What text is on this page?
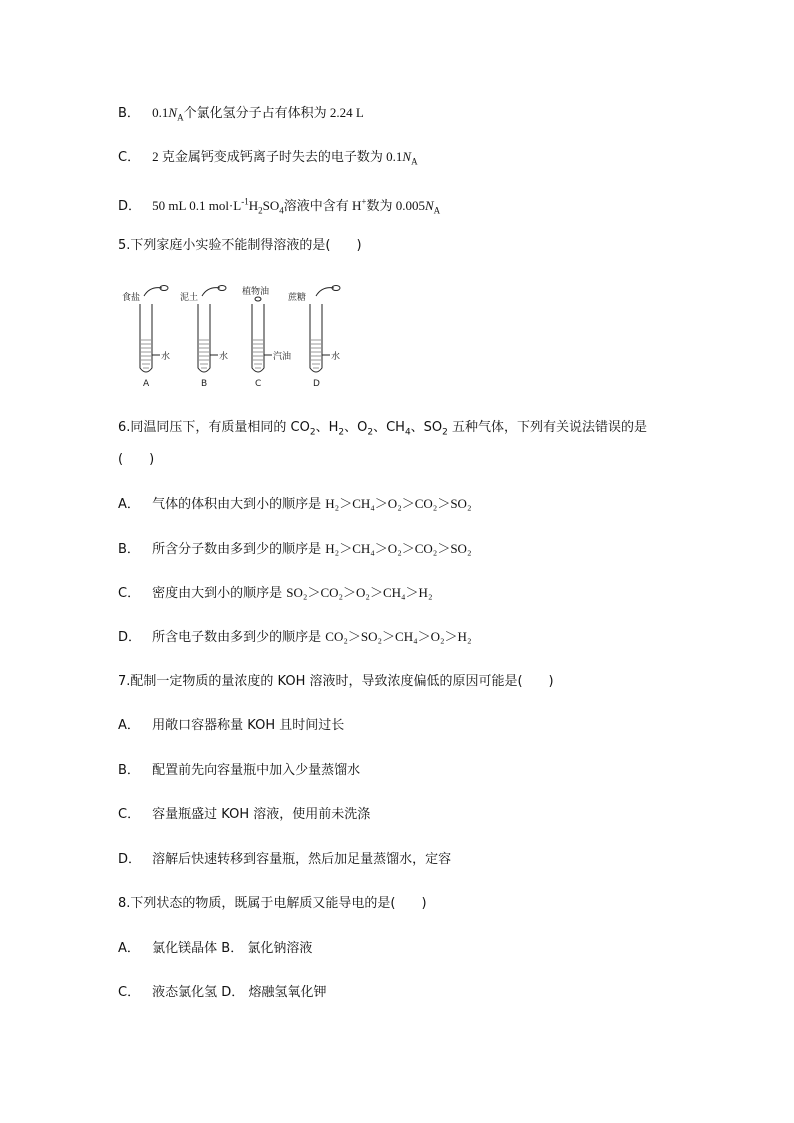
B． $0.1N_A$个氯化氢分子占有体积为 2.24 L
C． 2 克金属钙变成钙离子时失去的电子数为 $0.1N_A$
D． 50 mL 0.1 $mol\cdot L^{-1}H_2SO_4$溶液中含有 H+数为 $0.005N_A$
5.下列家庭小实验不能制得溶液的是(　　)
食盐
水
A
泥土
水
B
植物油
汽油
C
蔗糖
水
D
6.同温同压下，有质量相同的 $CO_2$、$H_2$、$O_2$、$CH_4$、$SO_2$ 五种气体，下列有关说法错误的是
(　　)
A． 气体的体积由大到小的顺序是 H₂＞CH₄＞O₂＞CO₂＞SO₂
B． 所含分子数由多到少的顺序是 H₂＞CH₄＞O₂＞CO₂＞SO₂
C． 密度由大到小的顺序是 SO₂＞CO₂＞O₂＞CH₄＞H₂
D． 所含电子数由多到少的顺序是 CO₂＞SO₂＞CH₄＞O₂＞H₂
7.配制一定物质的量浓度的 KOH 溶液时，导致浓度偏低的原因可能是(　　)
A． 用敞口容器称量 KOH 且时间过长
B． 配置前先向容量瓶中加入少量蒸馏水
C． 容量瓶盛过 KOH 溶液，使用前未洗涤
D． 溶解后快速转移到容量瓶，然后加足量蒸馏水，定容
8.下列状态的物质，既属于电解质又能导电的是(　　)
A． 氯化镁晶体 B． 氯化钠溶液
C． 液态氯化氢 D． 熔融氢氧化钾
